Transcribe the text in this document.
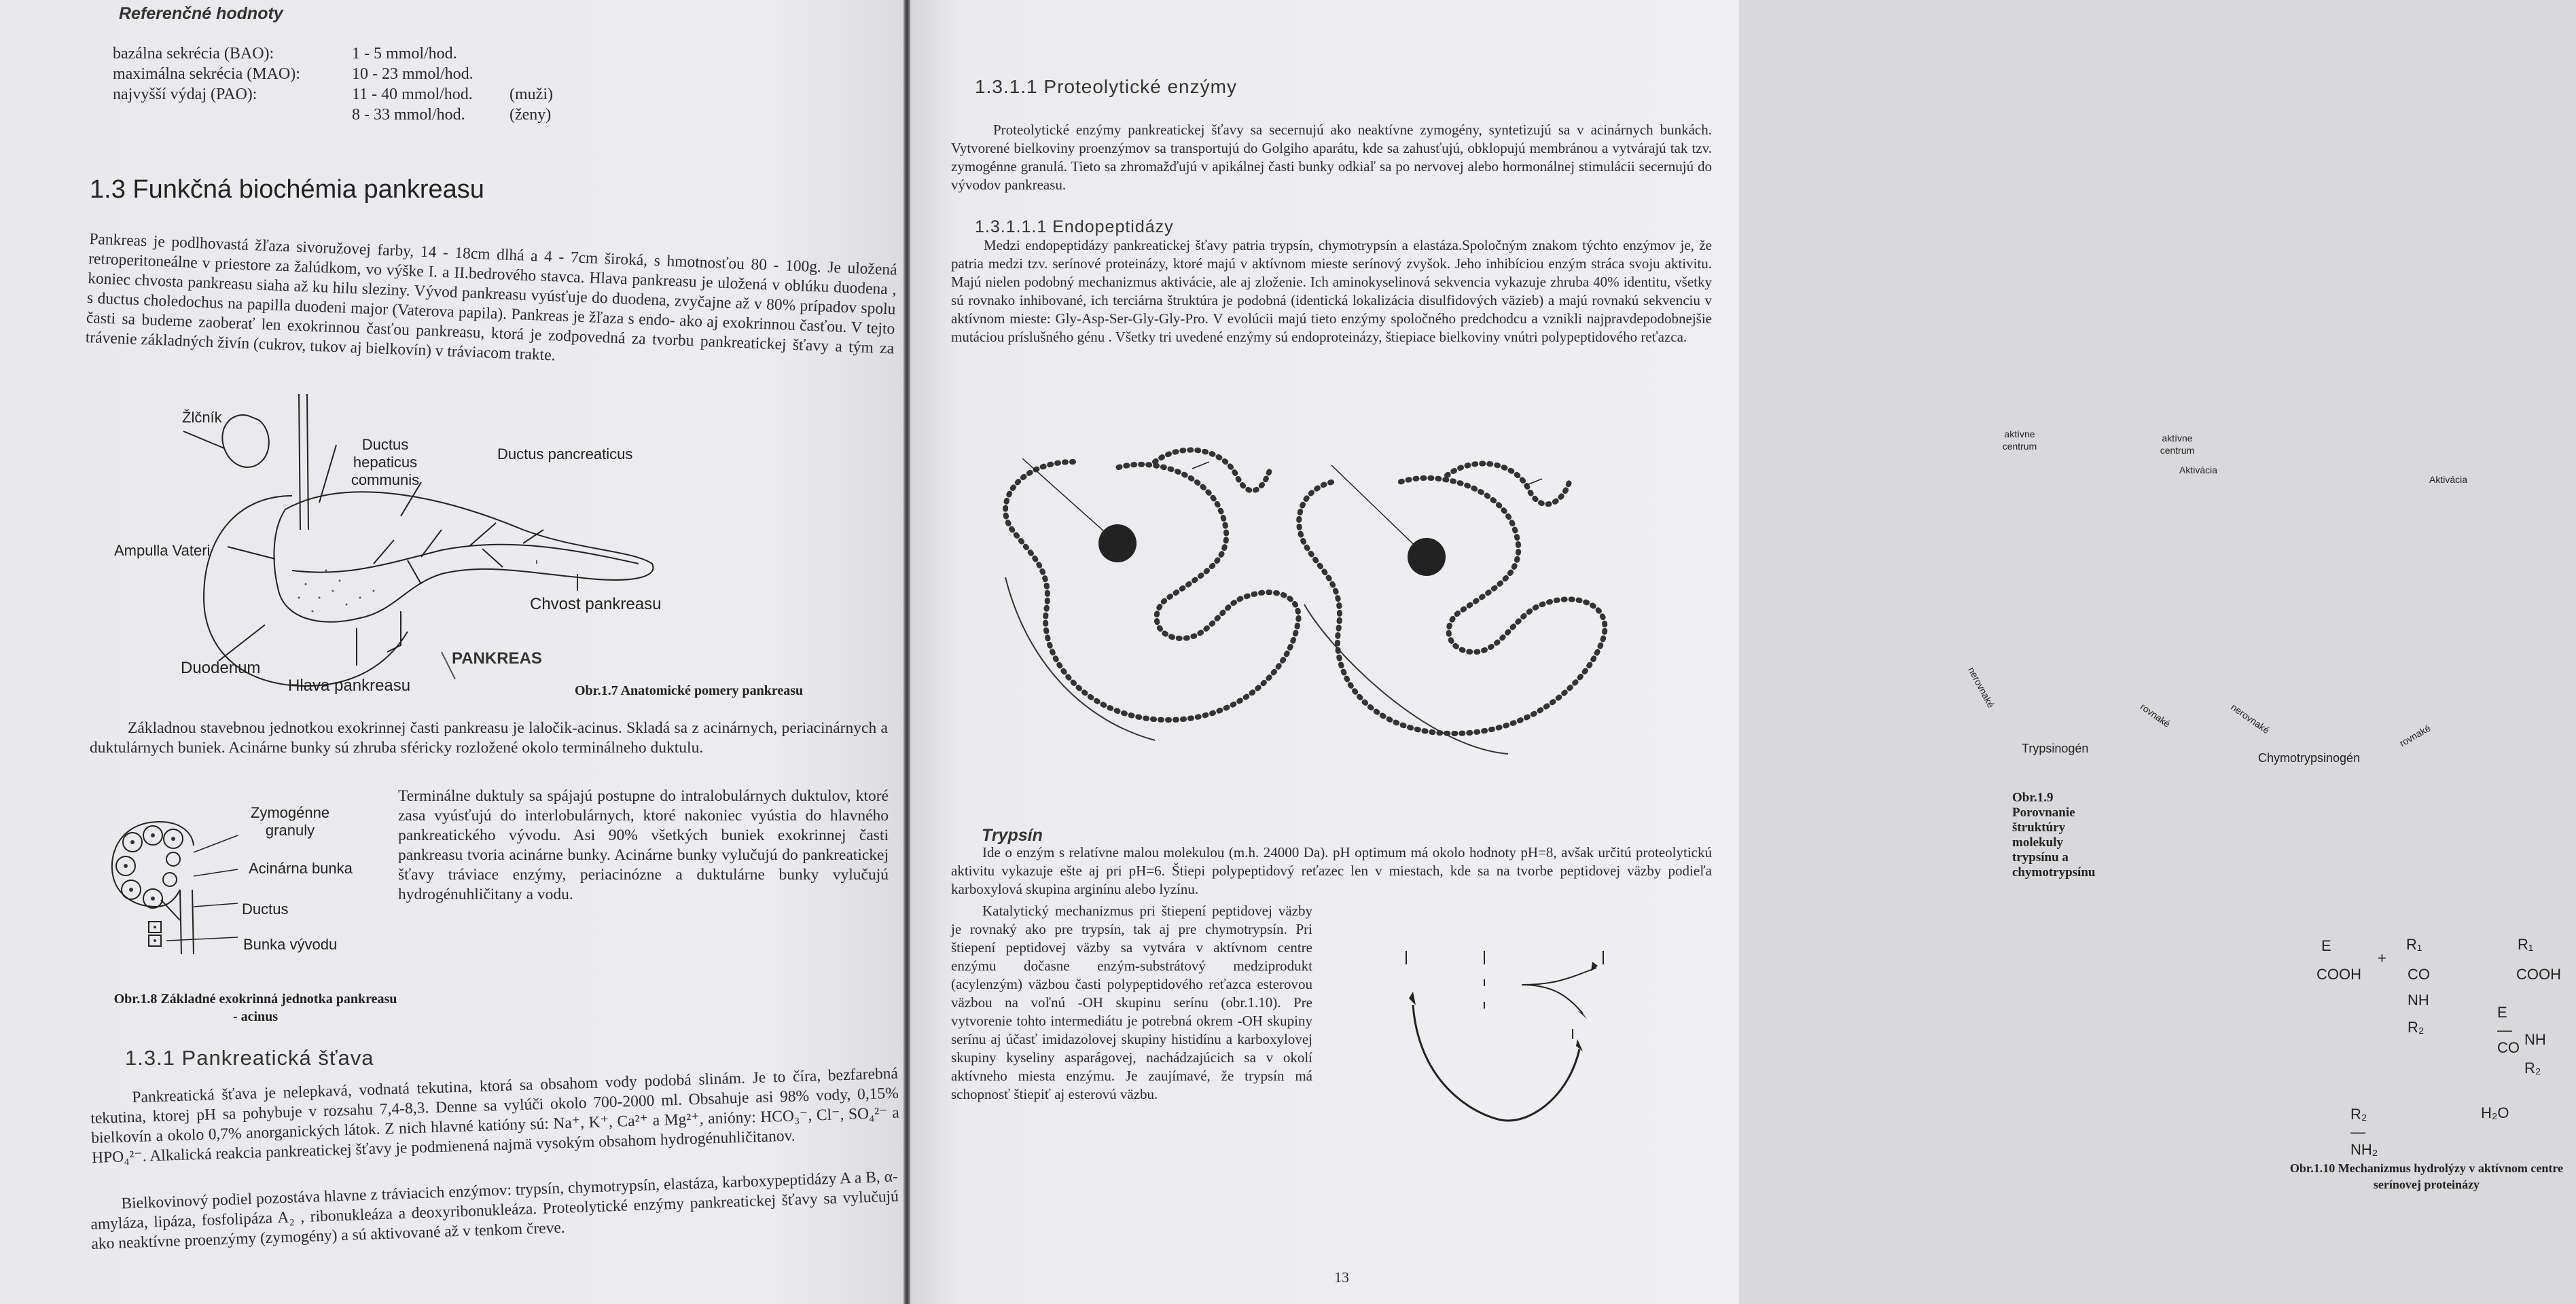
Referenčné hodnoty
bazálna sekrécia (BAO):	1 - 5 mmol/hod.	
maximálna sekrécia (MAO):	10 - 23 mmol/hod.	
najvyšší výdaj (PAO):	11 - 40 mmol/hod.	(muži)
	8 - 33 mmol/hod.	(ženy)
1.3 Funkčná biochémia pankreasu

Pankreas je podlhovastá žľaza sivoružovej farby, 14 - 18cm dlhá a 4 - 7cm široká, s hmotnosťou 80 - 100g. Je uložená retroperitoneálne v priestore za žalúdkom, vo výške I. a II.bedrového stavca. Hlava pankreasu je uložená v oblúku duodena , koniec chvosta pankreasu siaha až ku hilu sleziny. Vývod pankreasu vyúsťuje do duodena, zvyčajne až v 80% prípadov spolu s ductus choledochus na papilla duodeni major (Vaterova papila). Pankreas je žľaza s endo- ako aj exokrinnou časťou. V tejto časti sa budeme zaoberať len exokrinnou časťou pankreasu, ktorá je zodpovedná za tvorbu pankreatickej šťavy a tým za trávenie základných živín (cukrov, tukov aj bielkovín) v tráviacom trakte.

Žlčník
Ductus hepaticus communis
Ductus pancreaticus
Ampulla Vateri
Chvost pankreasu
Duodenum
PANKREAS
Hlava pankreasu	Obr.1.7 Anatomické pomery pankreasu

Základnou stavebnou jednotkou exokrinnej časti pankreasu je laločik-acinus. Skladá sa z acinárnych, periacinárnych a duktulárnych buniek. Acinárne bunky sú zhruba sféricky rozložené okolo terminálneho duktulu.

Zymogénne granuly
Acinárna bunka
Ductus
Bunka vývodu
Obr.1.8 Základné exokrinná jednotka pankreasu - acinus

Terminálne duktuly sa spájajú postupne do intralobulárnych duktulov, ktoré zasa vyúsťujú do interlobulárnych, ktoré nakoniec vyústia do hlavného pankreatického vývodu. Asi 90% všetkých buniek exokrinnej časti pankreasu tvoria acinárne bunky. Acinárne bunky vylučujú do pankreatickej šťavy tráviace enzýmy, periacinózne a duktulárne bunky vylučujú hydrogénuhličitany a vodu.

1.3.1 Pankreatická šťava

Pankreatická šťava je nelepkavá, vodnatá tekutina, ktorá sa obsahom vody podobá slinám. Je to číra, bezfarebná tekutina, ktorej pH sa pohybuje v rozsahu 7,4-8,3. Denne sa vylúči okolo 700-2000 ml. Obsahuje asi 98% vody, 0,15% bielkovín a okolo 0,7% anorganických látok. Z nich hlavné katióny sú: Na⁺, K⁺, Ca²⁺ a Mg²⁺, anióny: HCO₃⁻, Cl⁻, SO₄²⁻ a HPO₄²⁻. Alkalická reakcia pankreatickej šťavy je podmienená najmä vysokým obsahom hydrogénuhličitanov.

Bielkovinový podiel pozostáva hlavne z tráviacich enzýmov: trypsín, chymotrypsín, elastáza, karboxypeptidázy A a B, α-amyláza, lipáza, fosfolipáza A₂ , ribonukleáza a deoxyribonukleáza. Proteolytické enzýmy pankreatickej šťavy sa vylučujú ako neaktívne proenzýmy (zymogény) a sú aktivované až v tenkom čreve.

1.3.1.1 Proteolytické enzýmy

Proteolytické enzýmy pankreatickej šťavy sa secernujú ako neaktívne zymogény, syntetizujú sa v acinárnych bunkách. Vytvorené bielkoviny proenzýmov sa transportujú do Golgiho aparátu, kde sa zahusťujú, obklopujú membránou a vytvárajú tak tzv. zymogénne granulá. Tieto sa zhromažďujú v apikálnej časti bunky odkiaľ sa po nervovej alebo hormonálnej stimulácii secernujú do vývodov pankreasu.

1.3.1.1.1 Endopeptidázy

Medzi endopeptidázy pankreatickej šťavy patria trypsín, chymotrypsín a elastáza.Spoločným znakom týchto enzýmov je, že patria medzi tzv. serínové proteinázy, ktoré majú v aktívnom mieste serínový zvyšok. Jeho inhibíciou enzým stráca svoju aktivitu. Majú nielen podobný mechanizmus aktivácie, ale aj zloženie. Ich aminokyselinová sekvencia vykazuje zhruba 40% identitu, všetky sú rovnako inhibované, ich terciárna štruktúra je podobná (identická lokalizácia disulfidových väzieb) a majú rovnakú sekvenciu v aktívnom mieste: Gly-Asp-Ser-Gly-Gly-Pro. V evolúcii majú tieto enzýmy spoločného predchodcu a vznikli najpravdepodobnejšie mutáciou príslušného génu . Všetky tri uvedené enzýmy sú endoproteinázy, štiepiace bielkoviny vnútri polypeptidového reťazca.

aktívne centrum
aktívne centrum
Aktivácia
Aktivácia
nerovnaké
rovnaké	nerovnaké	rovnaké
Trypsinogén
Chymotrypsinogén
Obr.1.9 Porovnanie štruktúry molekuly trypsínu a chymotrypsínu
Trypsín

Ide o enzým s relatívne malou molekulou (m.h. 24000 Da). pH optimum má okolo hodnoty pH=8, avšak určitú proteolytickú aktivitu vykazuje ešte aj pri pH=6. Štiepi polypeptidový reťazec len v miestach, kde sa na tvorbe peptidovej väzby podieľa karboxylová skupina arginínu alebo lyzínu.

Katalytický mechanizmus pri štiepení peptidovej väzby je rovnaký ako pre trypsín, tak aj pre chymotrypsín. Pri štiepení peptidovej väzby sa vytvára v aktívnom centre enzýmu dočasne enzým-substrátový medziprodukt (acylenzým) väzbou časti polypeptidového reťazca esterovou väzbou na voľnú -OH skupinu serínu (obr.1.10). Pre vytvorenie tohto intermediátu je potrebná okrem -OH skupiny serínu aj účasť imidazolovej skupiny histidínu a karboxylovej skupiny kyseliny asparágovej, nachádzajúcich sa v okolí aktívneho miesta enzýmu. Je zaujímavé, že trypsín má schopnosť štiepiť aj esterovú väzbu.

E
COOH
+
R₁
CO
NH
R₂
R₁
COOH
E—CO NH
R₂
R₂—NH₂
H₂O
Obr.1.10 Mechanizmus hydrolýzy v aktívnom centre serínovej proteinázy
13
